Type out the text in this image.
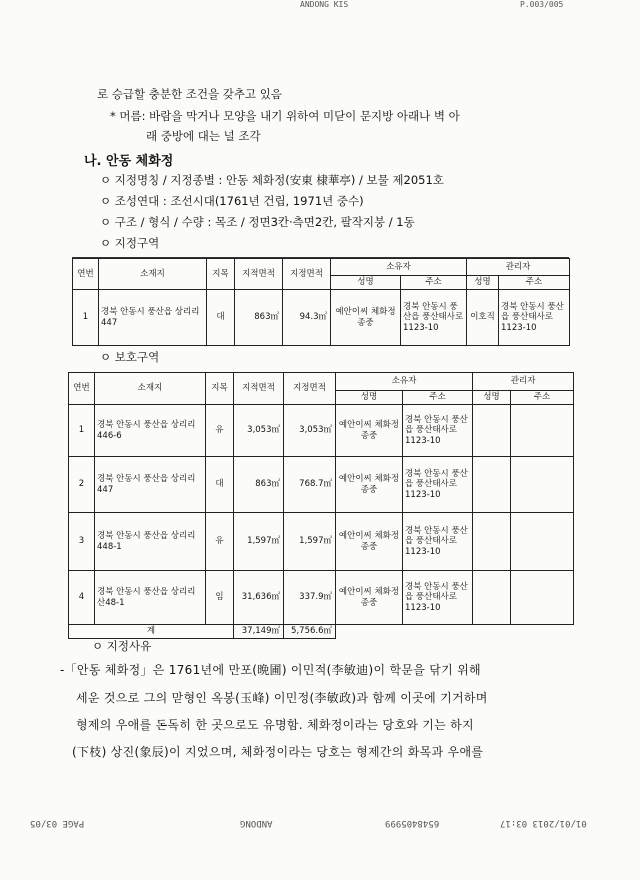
ANDONG KIS	P.003/005
로 승급할 충분한 조건을 갖추고 있음
* 머름: 바람을 막거나 모양을 내기 위하여 미닫이 문지방 아래나 벽 아
래 중방에 대는 널 조각
나. 안동 체화정
ㅇ 지정명칭 / 지정종별 : 안동 체화정(安東 棣華亭) / 보물 제2051호
ㅇ 조성연대 : 조선시대(1761년 건립, 1971년 중수)
ㅇ 구조 / 형식 / 수량 : 목조 / 정면3칸·측면2칸, 팔작지붕 / 1동
ㅇ 지정구역
연번	소재지	지목	지적면적	지정면적	소유자		관리자	
					성명	주소	성명	주소
1	경북 안동시 풍산읍 상리리 447	대	863㎡	94.3㎡	예안이씨 체화정 종중	경북 안동시 풍산읍 풍산태사로 1123-10	이호직	경북 안동시 풍산읍 풍산태사로 1123-10
ㅇ 보호구역
연번	소재지	지목	지적면적	지정면적	소유자		관리자	
					성명	주소	성명	주소
1	경북 안동시 풍산읍 상리리 446-6	유	3,053㎡	3,053㎡	예안이씨 체화정 종중	경북 안동시 풍산읍 풍산태사로 1123-10		
2	경북 안동시 풍산읍 상리리 447	대	863㎡	768.7㎡	예안이씨 체화정 종중	경북 안동시 풍산읍 풍산태사로 1123-10		
3	경북 안동시 풍산읍 상리리 448-1	유	1,597㎡	1,597㎡	예안이씨 체화정 종중	경북 안동시 풍산읍 풍산태사로 1123-10		
4	경북 안동시 풍산읍 상리리 산48-1	임	31,636㎡	337.9㎡	예안이씨 체화정 종중	경북 안동시 풍산읍 풍산태사로 1123-10		
계			37,149㎡	5,756.6㎡				
ㅇ 지정사유
-「안동 체화정」은 1761년에 만포(晩圃) 이민적(李敏迪)이 학문을 닦기 위해
세운 것으로 그의 맏형인 옥봉(玉峰) 이민정(李敏政)과 함께 이곳에 기거하며
형제의 우애를 돈독히 한 곳으로도 유명함. 체화정이라는 당호와 기는 하지
(下枝) 상진(象辰)이 지었으며, 체화정이라는 당호는 형제간의 화목과 우애를
01/01/2013 03:17
6548405999
ANDONG
PAGE 03/05
